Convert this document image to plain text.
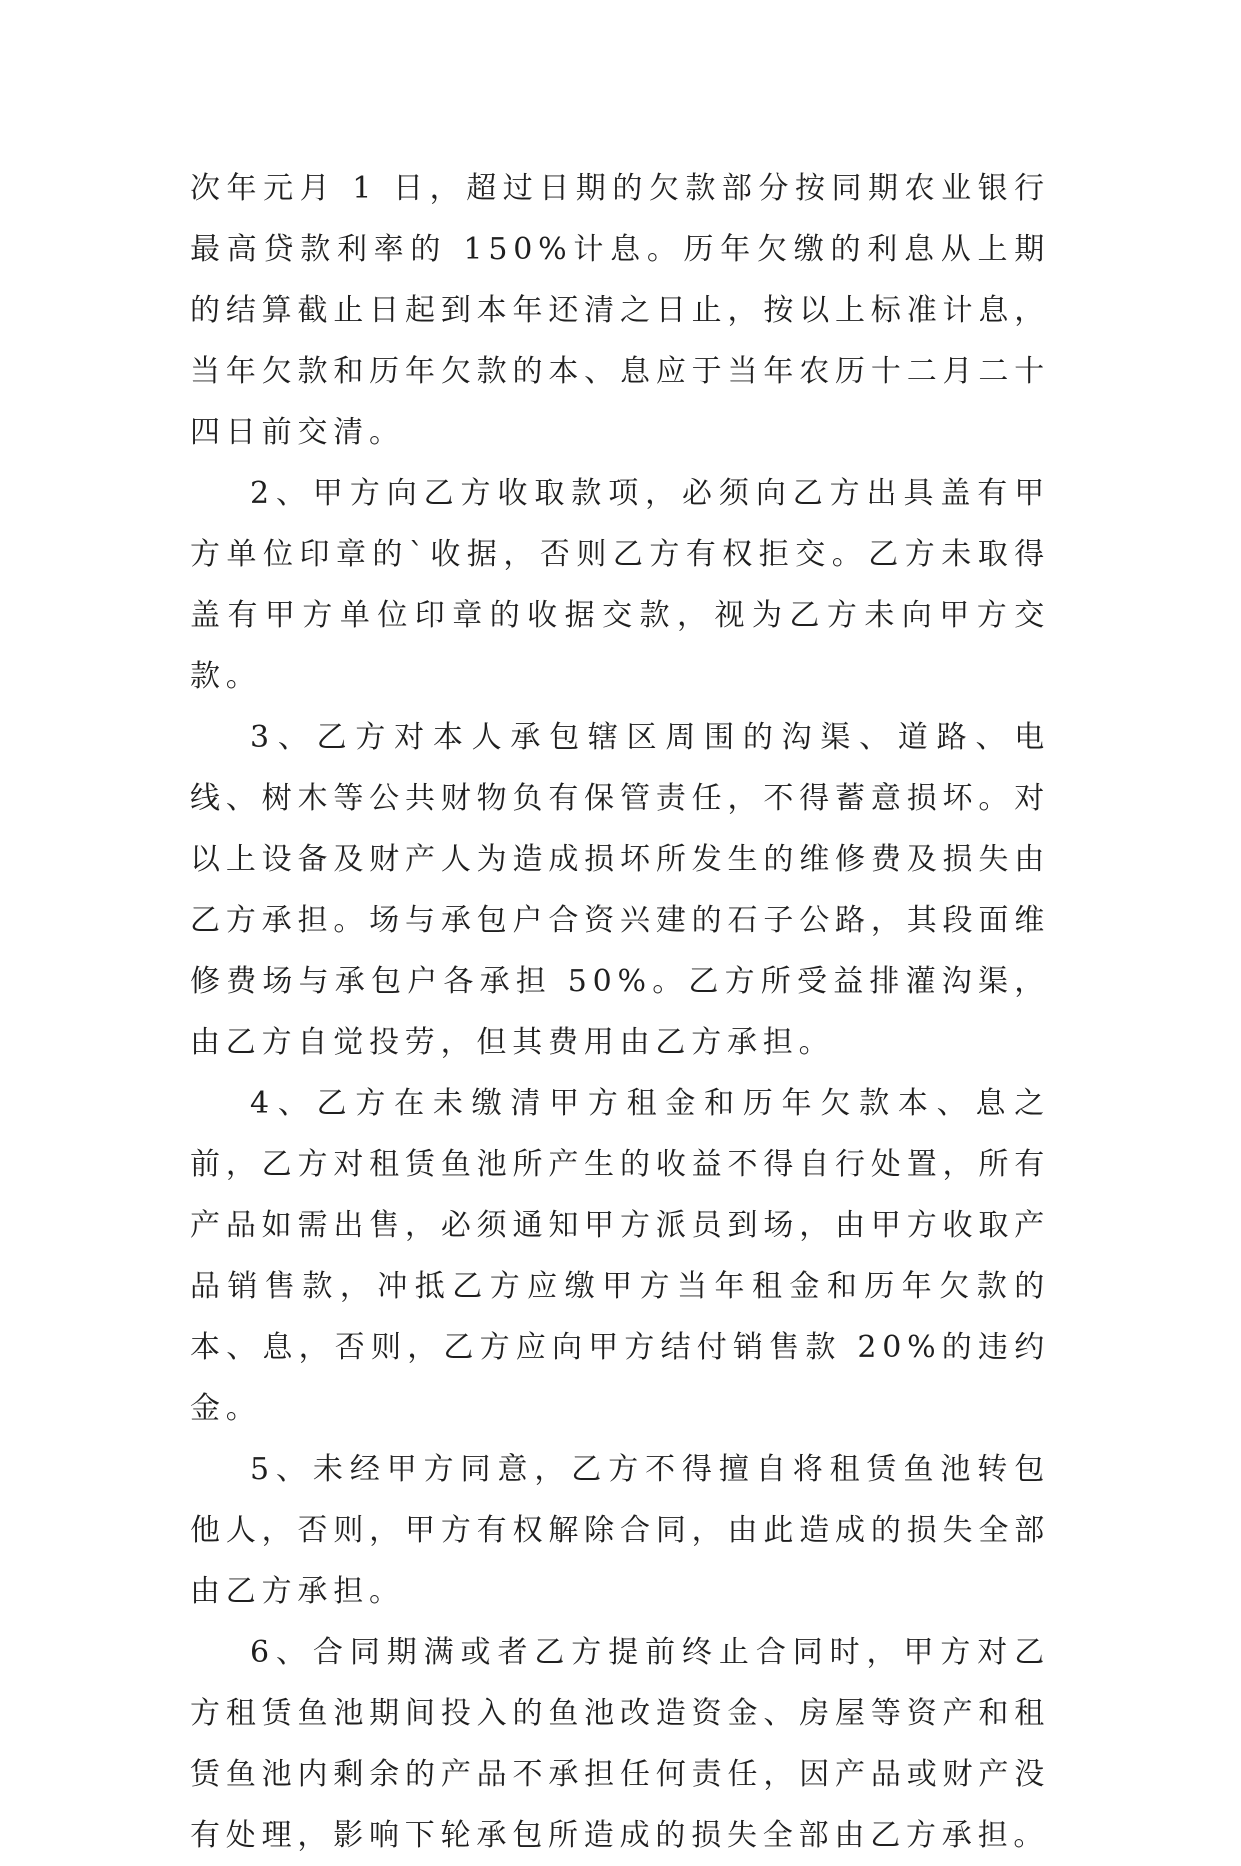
次年元月 1 日，超过日期的欠款部分按同期农业银行最高贷款利率的 150%计息。历年欠缴的利息从上期的结算截止日起到本年还清之日止，按以上标准计息，当年欠款和历年欠款的本、息应于当年农历十二月二十四日前交清。

2、甲方向乙方收取款项，必须向乙方出具盖有甲方单位印章的`收据，否则乙方有权拒交。乙方未取得盖有甲方单位印章的收据交款，视为乙方未向甲方交款。

3、乙方对本人承包辖区周围的沟渠、道路、电线、树木等公共财物负有保管责任，不得蓄意损坏。对以上设备及财产人为造成损坏所发生的维修费及损失由乙方承担。场与承包户合资兴建的石子公路，其段面维修费场与承包户各承担 50%。乙方所受益排灌沟渠，由乙方自觉投劳，但其费用由乙方承担。

4、乙方在未缴清甲方租金和历年欠款本、息之前，乙方对租赁鱼池所产生的收益不得自行处置，所有产品如需出售，必须通知甲方派员到场，由甲方收取产品销售款，冲抵乙方应缴甲方当年租金和历年欠款的本、息，否则，乙方应向甲方结付销售款 20%的违约金。

5、未经甲方同意，乙方不得擅自将租赁鱼池转包他人，否则，甲方有权解除合同，由此造成的损失全部由乙方承担。

6、合同期满或者乙方提前终止合同时，甲方对乙方租赁鱼池期间投入的鱼池改造资金、房屋等资产和租赁鱼池内剩余的产品不承担任何责任，因产品或财产没有处理，影响下轮承包所造成的损失全部由乙方承担。
